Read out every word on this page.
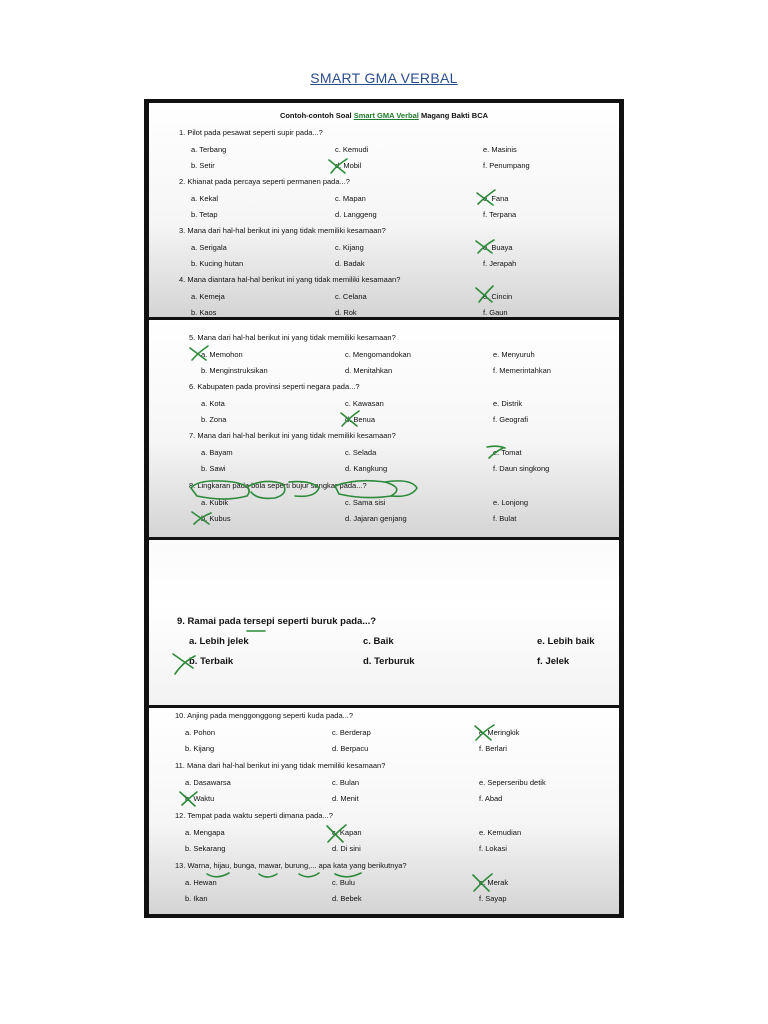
SMART GMA VERBAL
Contoh-contoh Soal Smart GMA Verbal Magang Bakti BCA
1. Pilot pada pesawat seperti supir pada...?
a. Terbang	c. Kemudi	e. Masinis
b. Setir	d. Mobil	f. Penumpang
2. Khianat pada percaya seperti permanen pada...?
a. Kekal	c. Mapan	e. Fana
b. Tetap	d. Langgeng	f. Terpana
3. Mana dari hal-hal berikut ini yang tidak memiliki kesamaan?
a. Serigala	c. Kijang	e. Buaya
b. Kucing hutan	d. Badak	f. Jerapah
4. Mana diantara hal-hal berikut ini yang tidak memiliki kesamaan?
a. Kemeja	c. Celana	e. Cincin
b. Kaos	d. Rok	f. Gaun
5. Mana dari hal-hal berikut ini yang tidak memiliki kesamaan?
a. Memohon	c. Mengomandokan	e. Menyuruh
b. Menginstruksikan	d. Menitahkan	f. Memerintahkan
6. Kabupaten pada provinsi seperti negara pada...?
a. Kota	c. Kawasan	e. Distrik
b. Zona	d. Benua	f. Geografi
7. Mana dari hal-hal berikut ini yang tidak memiliki kesamaan?
a. Bayam	c. Selada	e. Tomat
b. Sawi	d. Kangkung	f. Daun singkong
8. Lingkaran pada bola seperti bujur sangkar pada...?
a. Kubik	c. Sama sisi	e. Lonjong
b. Kubus	d. Jajaran genjang	f. Bulat
9. Ramai pada tersepi seperti buruk pada...?
a. Lebih jelek	c. Baik	e. Lebih baik
b. Terbaik	d. Terburuk	f. Jelek
10. Anjing pada menggonggong seperti kuda pada...?
a. Pohon	c. Berderap	e. Meringkik
b. Kijang	d. Berpacu	f. Berlari
11. Mana dari hal-hal berikut ini yang tidak memiliki kesamaan?
a. Dasawarsa	c. Bulan	e. Seperseribu detik
b. Waktu	d. Menit	f. Abad
12. Tempat pada waktu seperti dimana pada...?
a. Mengapa	c. Kapan	e. Kemudian
b. Sekarang	d. Di sini	f. Lokasi
13. Warna, hijau, bunga, mawar, burung,... apa kata yang berikutnya?
a. Hewan	c. Bulu	e. Merak
b. Ikan	d. Bebek	f. Sayap
